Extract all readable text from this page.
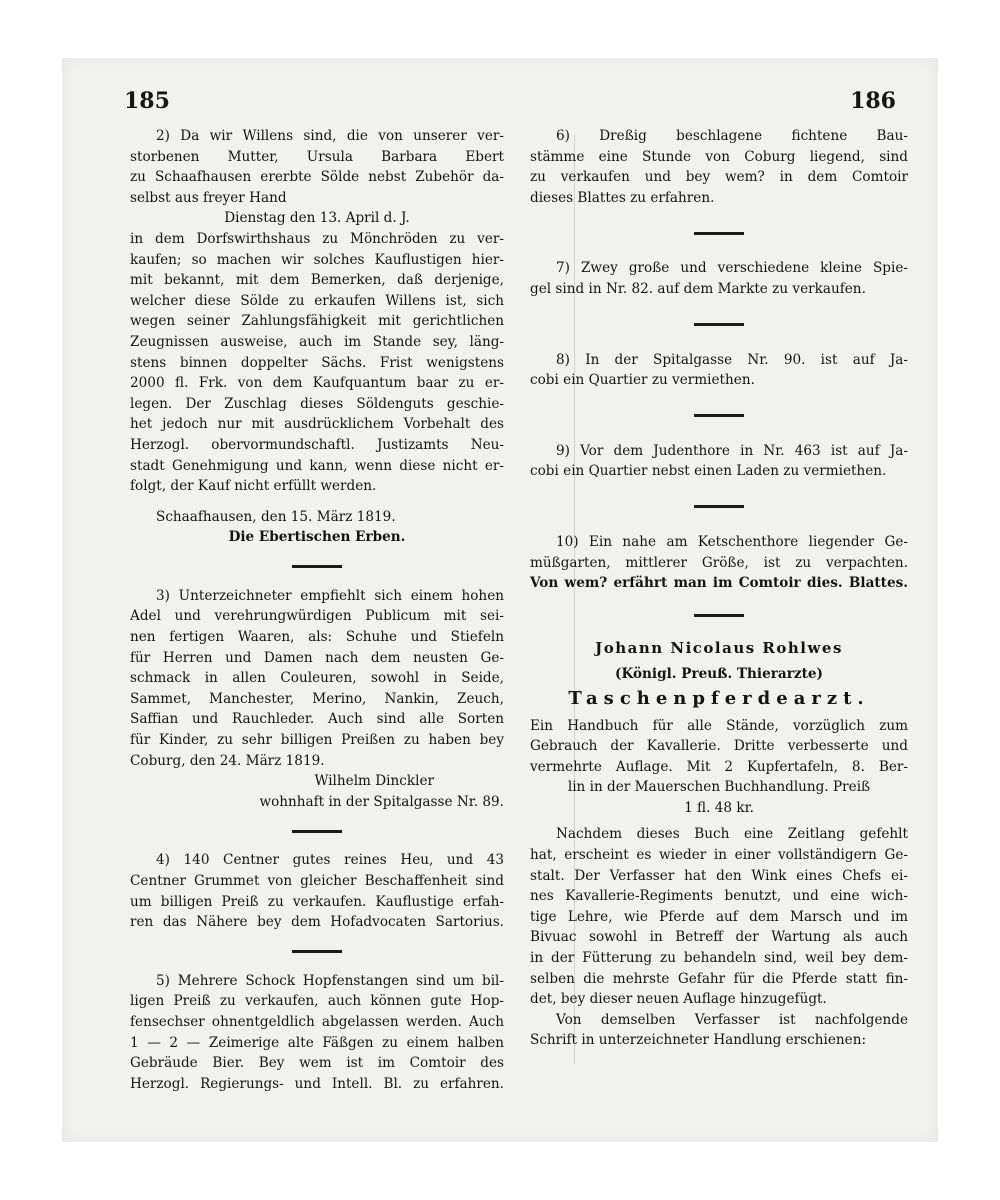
185	186

2) Da wir Willens sind, die von unserer ver-

storbenen Mutter, Ursula Barbara Ebert

zu Schaafhausen ererbte Sölde nebst Zubehör da-

selbst aus freyer Hand

Dienstag den 13. April d. J.

in dem Dorfswirthshaus zu Mönchröden zu ver-

kaufen; so machen wir solches Kauflustigen hier-

mit bekannt, mit dem Bemerken, daß derjenige,

welcher diese Sölde zu erkaufen Willens ist, sich

wegen seiner Zahlungsfähigkeit mit gerichtlichen

Zeugnissen ausweise, auch im Stande sey, läng-

stens binnen doppelter Sächs. Frist wenigstens

2000 fl. Frk. von dem Kaufquantum baar zu er-

legen. Der Zuschlag dieses Söldenguts geschie-

het jedoch nur mit ausdrücklichem Vorbehalt des

Herzogl. obervormundschaftl. Justizamts Neu-

stadt Genehmigung und kann, wenn diese nicht er-

folgt, der Kauf nicht erfüllt werden.

Schaafhausen, den 15. März 1819.

Die Ebertischen Erben.

3) Unterzeichneter empfiehlt sich einem hohen

Adel und verehrungwürdigen Publicum mit sei-

nen fertigen Waaren, als: Schuhe und Stiefeln

für Herren und Damen nach dem neusten Ge-

schmack in allen Couleuren, sowohl in Seide,

Sammet, Manchester, Merino, Nankin, Zeuch,

Saffian und Rauchleder. Auch sind alle Sorten

für Kinder, zu sehr billigen Preißen zu haben bey

Coburg, den 24. März 1819.

Wilhelm Dinckler

wohnhaft in der Spitalgasse Nr. 89.

4) 140 Centner gutes reines Heu, und 43

Centner Grummet von gleicher Beschaffenheit sind

um billigen Preiß zu verkaufen. Kauflustige erfah-

ren das Nähere bey dem Hofadvocaten Sartorius.

5) Mehrere Schock Hopfenstangen sind um bil-

ligen Preiß zu verkaufen, auch können gute Hop-

fensechser ohnentgeldlich abgelassen werden. Auch

1 — 2 — Zeimerige alte Fäßgen zu einem halben

Gebräude Bier. Bey wem ist im Comtoir des

Herzogl. Regierungs- und Intell. Bl. zu erfahren.

6) Dreßig beschlagene fichtene Bau-

stämme eine Stunde von Coburg liegend, sind

zu verkaufen und bey wem? in dem Comtoir

dieses Blattes zu erfahren.

7) Zwey große und verschiedene kleine Spie-

gel sind in Nr. 82. auf dem Markte zu verkaufen.

8) In der Spitalgasse Nr. 90. ist auf Ja-

cobi ein Quartier zu vermiethen.

9) Vor dem Judenthore in Nr. 463 ist auf Ja-

cobi ein Quartier nebst einen Laden zu vermiethen.

10) Ein nahe am Ketschenthore liegender Ge-

müßgarten, mittlerer Größe, ist zu verpachten.

Von wem? erfährt man im Comtoir dies. Blattes.

Johann Nicolaus Rohlwes

(Königl. Preuß. Thierarzte)

Taschenpferdearzt.

Ein Handbuch für alle Stände, vorzüglich zum

Gebrauch der Kavallerie. Dritte verbesserte und

vermehrte Auflage. Mit 2 Kupfertafeln, 8. Ber-

lin in der Mauerschen Buchhandlung. Preiß

1 fl. 48 kr.

Nachdem dieses Buch eine Zeitlang gefehlt

hat, erscheint es wieder in einer vollständigern Ge-

stalt. Der Verfasser hat den Wink eines Chefs ei-

nes Kavallerie-Regiments benutzt, und eine wich-

tige Lehre, wie Pferde auf dem Marsch und im

Bivuac sowohl in Betreff der Wartung als auch

in der Fütterung zu behandeln sind, weil bey dem-

selben die mehrste Gefahr für die Pferde statt fin-

det, bey dieser neuen Auflage hinzugefügt.

Von demselben Verfasser ist nachfolgende

Schrift in unterzeichneter Handlung erschienen:
